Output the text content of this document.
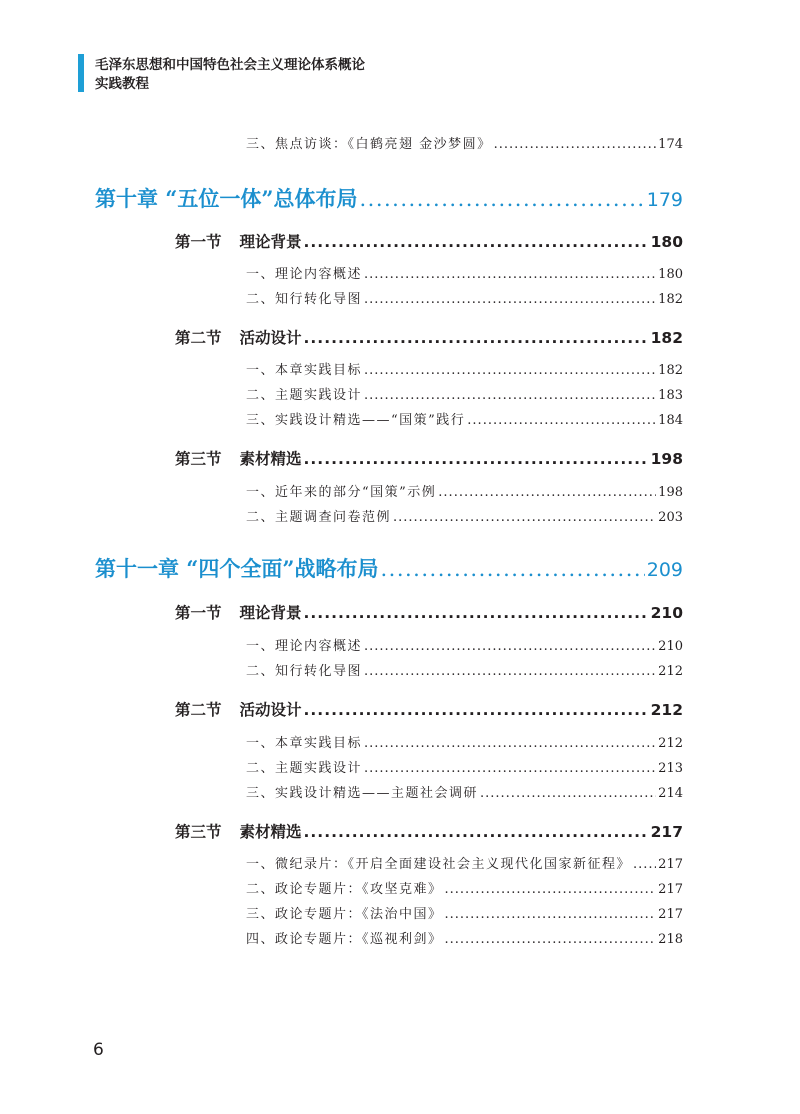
毛泽东思想和中国特色社会主义理论体系概论
实践教程
三、焦点访谈：《白鹤亮翅 金沙梦圆》 .....	174
第十章 “五位一体”总体布局 .....	179
第一节 理论背景 .....	180
一、理论内容概述 .....	180
二、知行转化导图 .....	182
第二节 活动设计 .....	182
一、本章实践目标 .....	182
二、主题实践设计 .....	183
三、实践设计精选——“国策”践行 .....	184
第三节 素材精选 .....	198
一、近年来的部分“国策”示例 .....	198
二、主题调查问卷范例 .....	203
第十一章 “四个全面”战略布局 .....	209
第一节 理论背景 .....	210
一、理论内容概述 .....	210
二、知行转化导图 .....	212
第二节 活动设计 .....	212
一、本章实践目标 .....	212
二、主题实践设计 .....	213
三、实践设计精选——主题社会调研 .....	214
第三节 素材精选 .....	217
一、微纪录片：《开启全面建设社会主义现代化国家新征程》 ..... 217
二、政论专题片：《攻坚克难》 .....	217
三、政论专题片：《法治中国》 .....	217
四、政论专题片：《巡视利剑》 .....	218
6
